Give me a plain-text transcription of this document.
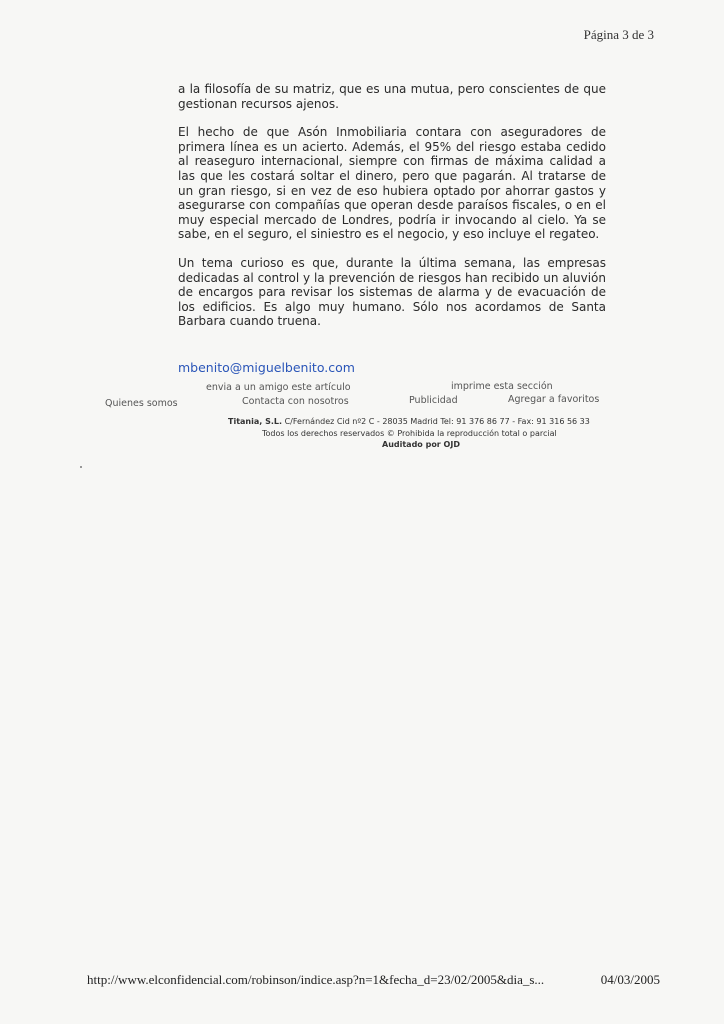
Página 3 de 3

a la filosofía de su matriz, que es una mutua, pero conscientes de que gestionan recursos ajenos.

El hecho de que Asón Inmobiliaria contara con aseguradores de primera línea es un acierto. Además, el 95% del riesgo estaba cedido al reaseguro internacional, siempre con firmas de máxima calidad a las que les costará soltar el dinero, pero que pagarán. Al tratarse de un gran riesgo, si en vez de eso hubiera optado por ahorrar gastos y asegurarse con compañías que operan desde paraísos fiscales, o en el muy especial mercado de Londres, podría ir invocando al cielo. Ya se sabe, en el seguro, el siniestro es el negocio, y eso incluye el regateo.

Un tema curioso es que, durante la última semana, las empresas dedicadas al control y la prevención de riesgos han recibido un aluvión de encargos para revisar los sistemas de alarma y de evacuación de los edificios. Es algo muy humano. Sólo nos acordamos de Santa Barbara cuando truena.

mbenito@miguelbenito.com
envia a un amigo este artículo	imprime esta sección
Quienes somos	Contacta con nosotros	Publicidad	Agregar a favoritos
Titania, S.L. C/Fernández Cid nº2 C - 28035 Madrid Tel: 91 376 86 77 - Fax: 91 316 56 33
Todos los derechos reservados © Prohibida la reproducción total o parcial
Auditado por OJD
http://www.elconfidencial.com/robinson/indice.asp?n=1&fecha_d=23/02/2005&dia_s...	04/03/2005
